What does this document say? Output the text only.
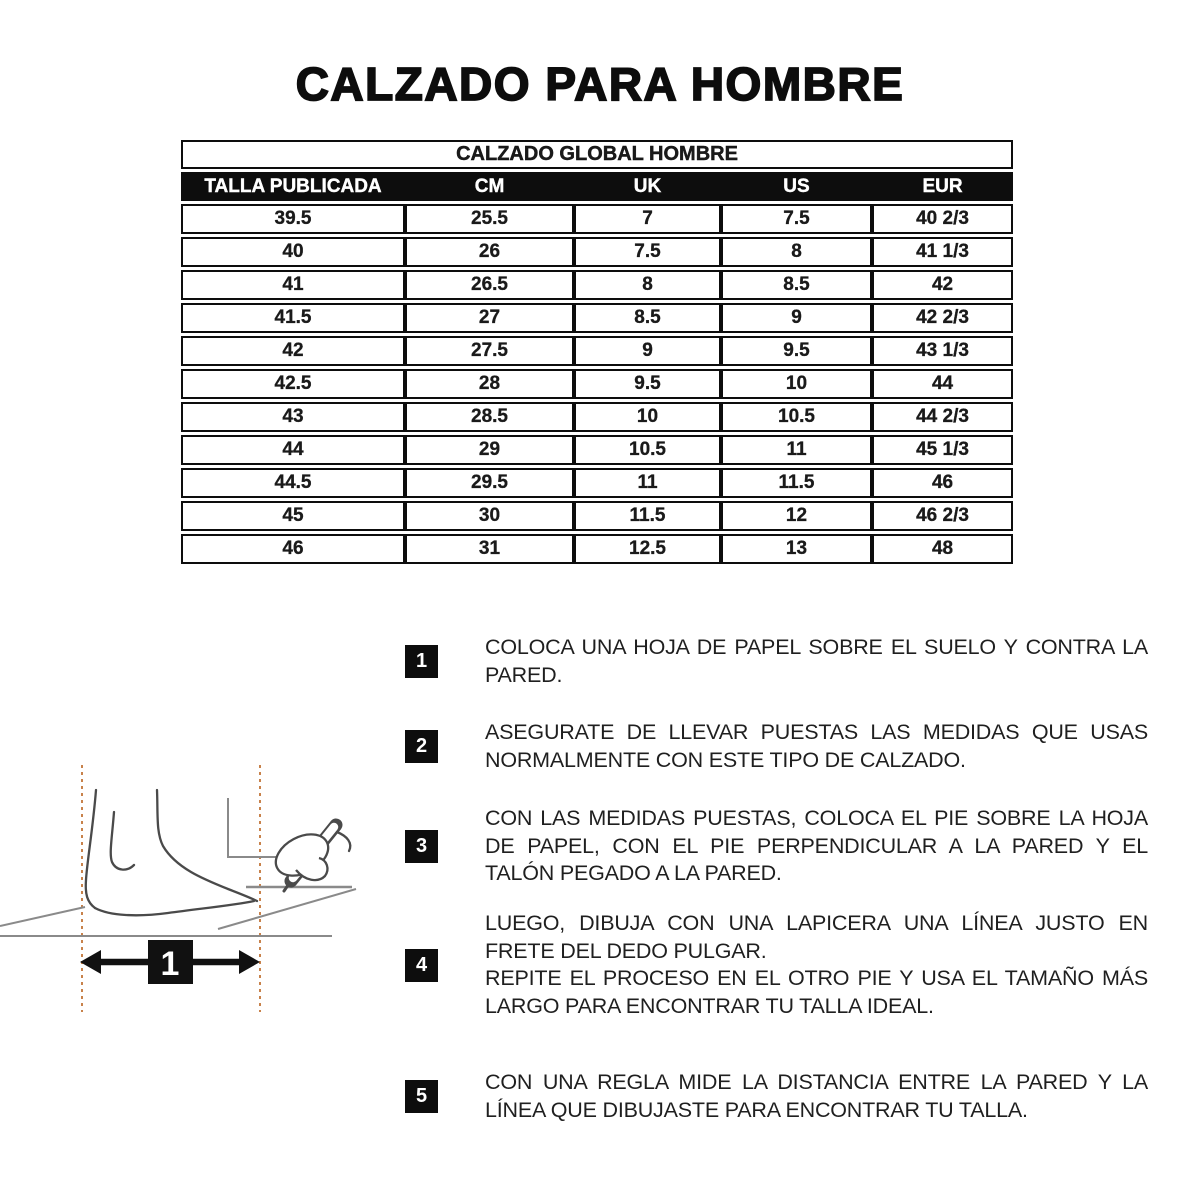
CALZADO PARA HOMBRE
CALZADO GLOBAL HOMBRE				
TALLA PUBLICADA	CM	UK	US	EUR
39.5	25.5	7	7.5	40 2/3
40	26	7.5	8	41 1/3
41	26.5	8	8.5	42
41.5	27	8.5	9	42 2/3
42	27.5	9	9.5	43 1/3
42.5	28	9.5	10	44
43	28.5	10	10.5	44 2/3
44	29	10.5	11	45 1/3
44.5	29.5	11	11.5	46
45	30	11.5	12	46 2/3
46	31	12.5	13	48
1

COLOCA UNA HOJA DE PAPEL SOBRE EL SUELO Y CONTRA LA PARED.

2

ASEGURATE DE LLEVAR PUESTAS LAS MEDIDAS QUE USAS NORMALMENTE CON ESTE TIPO DE CALZADO.

3

CON LAS MEDIDAS PUESTAS, COLOCA EL PIE SOBRE LA HOJA DE PAPEL, CON EL PIE PERPENDICULAR A LA PARED Y EL TALÓN PEGADO A LA PARED.

4

LUEGO, DIBUJA CON UNA LAPICERA UNA LÍNEA JUSTO EN FRETE DEL DEDO PULGAR.

REPITE EL PROCESO EN EL OTRO PIE Y USA EL TAMAÑO MÁS LARGO PARA ENCONTRAR TU TALLA IDEAL.

5

CON UNA REGLA MIDE LA DISTANCIA ENTRE LA PARED Y LA LÍNEA QUE DIBUJASTE PARA ENCONTRAR TU TALLA.

1
